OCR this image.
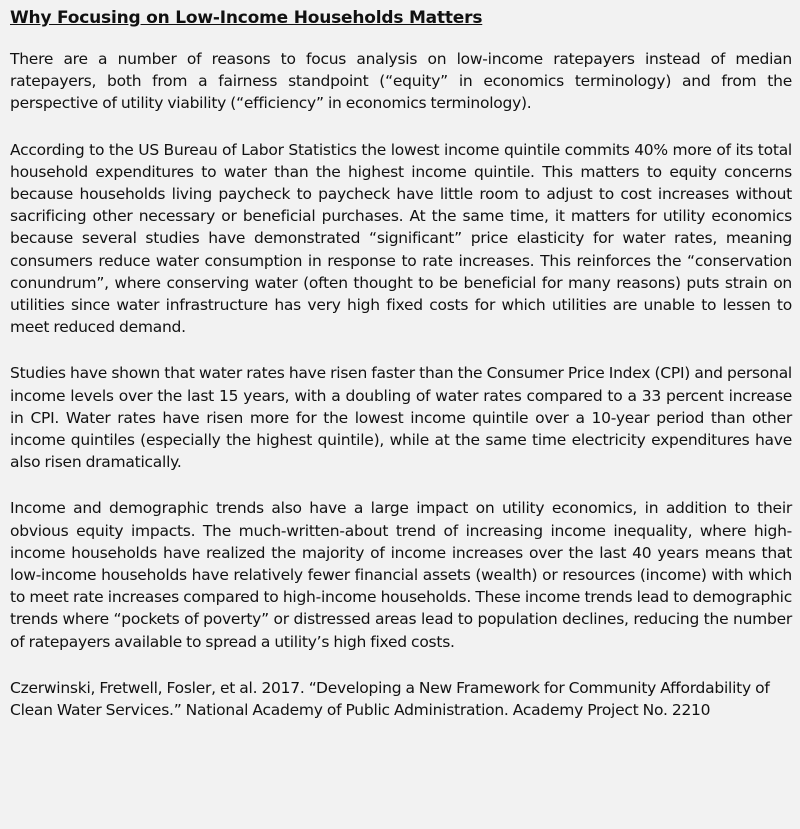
Why Focusing on Low-Income Households Matters

There are a number of reasons to focus analysis on low-income ratepayers instead of median ratepayers, both from a fairness standpoint (“equity” in economics terminology) and from the perspective of utility viability (“efficiency” in economics terminology).

According to the US Bureau of Labor Statistics the lowest income quintile commits 40% more of its total household expenditures to water than the highest income quintile. This matters to equity concerns because households living paycheck to paycheck have little room to adjust to cost increases without sacrificing other necessary or beneficial purchases. At the same time, it matters for utility economics because several studies have demonstrated “significant” price elasticity for water rates, meaning consumers reduce water consumption in response to rate increases. This reinforces the “conservation conundrum”, where conserving water (often thought to be beneficial for many reasons) puts strain on utilities since water infrastructure has very high fixed costs for which utilities are unable to lessen to meet reduced demand.

Studies have shown that water rates have risen faster than the Consumer Price Index (CPI) and personal income levels over the last 15 years, with a doubling of water rates compared to a 33 percent increase in CPI. Water rates have risen more for the lowest income quintile over a 10-year period than other income quintiles (especially the highest quintile), while at the same time electricity expenditures have also risen dramatically.

Income and demographic trends also have a large impact on utility economics, in addition to their obvious equity impacts. The much-written-about trend of increasing income inequality, where high-income households have realized the majority of income increases over the last 40 years means that low-income households have relatively fewer financial assets (wealth) or resources (income) with which to meet rate increases compared to high-income households. These income trends lead to demographic trends where “pockets of poverty” or distressed areas lead to population declines, reducing the number of ratepayers available to spread a utility’s high fixed costs.

Czerwinski, Fretwell, Fosler, et al. 2017. “Developing a New Framework for Community Affordability of Clean Water Services.” National Academy of Public Administration. Academy Project No. 2210
